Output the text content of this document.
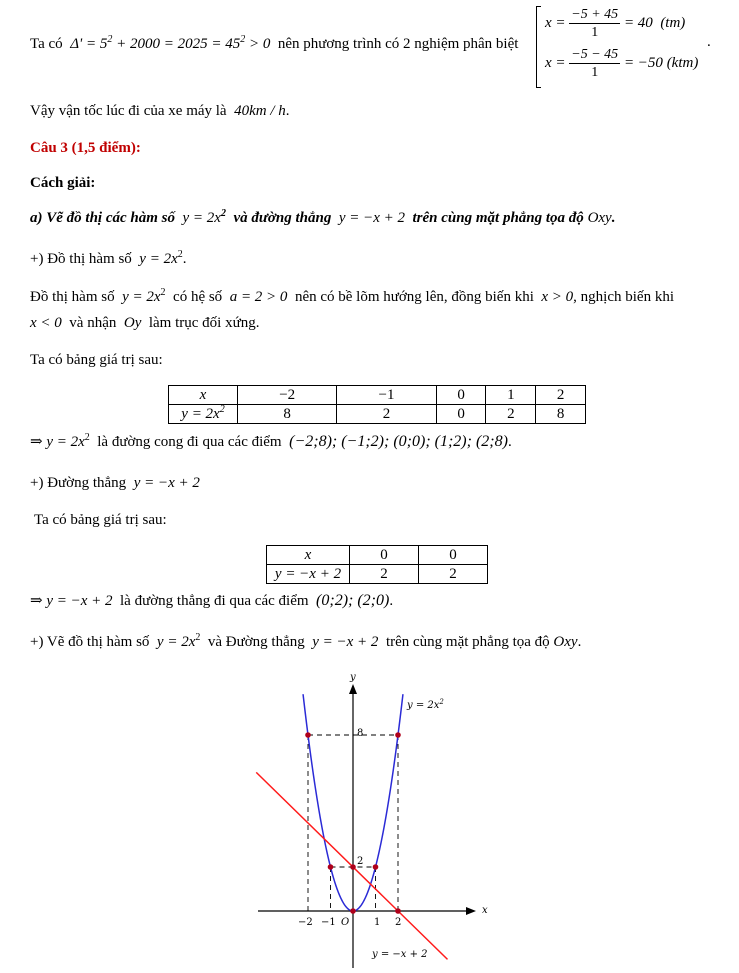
Ta có $\Delta' = 5^2 + 2000 = 2025 = 45^2 > 0$ nên phương trình có 2 nghiệm phân biệt
$x = \frac{-5 + 45}{1} = 40$ (tm)
$x = \frac{-5 - 45}{1} = -50$ (ktm)
.
Vậy vận tốc lúc đi của xe máy là 40km / h.
Câu 3 (1,5 điểm):
Cách giải:
a) Vẽ đồ thị các hàm số $y = 2x^2$ và đường thẳng y = −x + 2 trên cùng mặt phẳng tọa độ Oxy.
+) Đồ thị hàm số $y = 2x^2$.
Đồ thị hàm số $y = 2x^2$ có hệ số a = 2 > 0 nên có bề lõm hướng lên, đồng biến khi x > 0, nghịch biến khi
x < 0 và nhận Oy làm trục đối xứng.
Ta có bảng giá trị sau:
x	−2	−1	0	1	2
$y = 2x^2$	8	2	0	2	8
⇒ $y = 2x^2$ là đường cong đi qua các điểm (−2;8); (−1;2); (0;0); (1;2); (2;8).
+) Đường thẳng y = −x + 2
Ta có bảng giá trị sau:
x	0	0
y = −x + 2	2	2
⇒ y = −x + 2 là đường thẳng đi qua các điểm (0;2); (2;0).
+) Vẽ đồ thị hàm số $y = 2x^2$ và Đường thẳng y = −x + 2 trên cùng mặt phẳng tọa độ Oxy.
y
x
O
$y = 2x^2$
y = −x + 2
8
2
−2 −1	1 2
